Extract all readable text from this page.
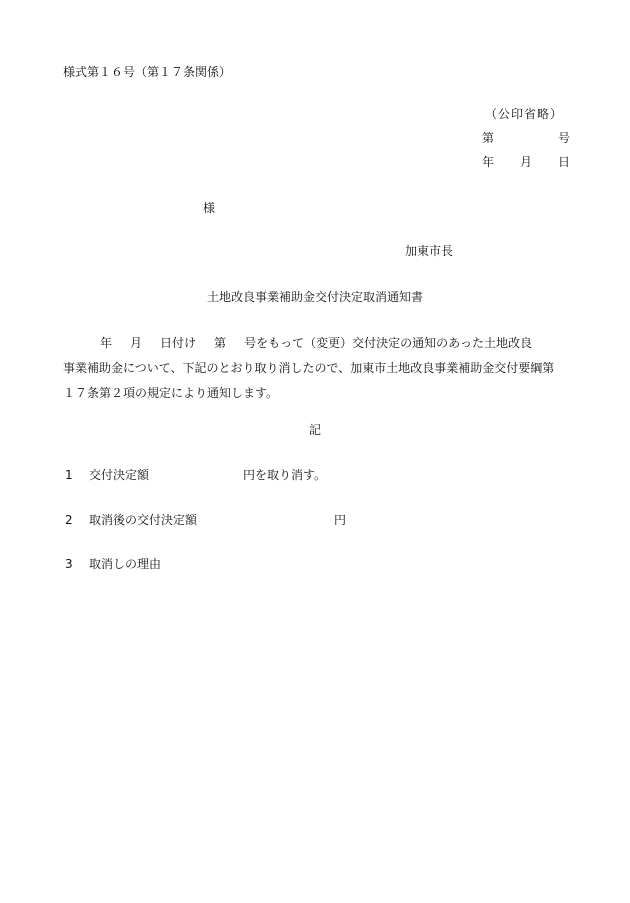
様式第１６号（第１７条関係）
（公印省略）
第	号
年 月 日
様
加東市長
土地改良事業補助金交付決定取消通知書
年 月 日付け 第 号をもって（変更）交付決定の通知のあった土地改良
事業補助金について、下記のとおり取り消したので、加東市土地改良事業補助金交付要綱第
１７条第２項の規定により通知します。
記
1 交付決定額	円を取り消す。
2 取消後の交付決定額	円
3 取消しの理由
